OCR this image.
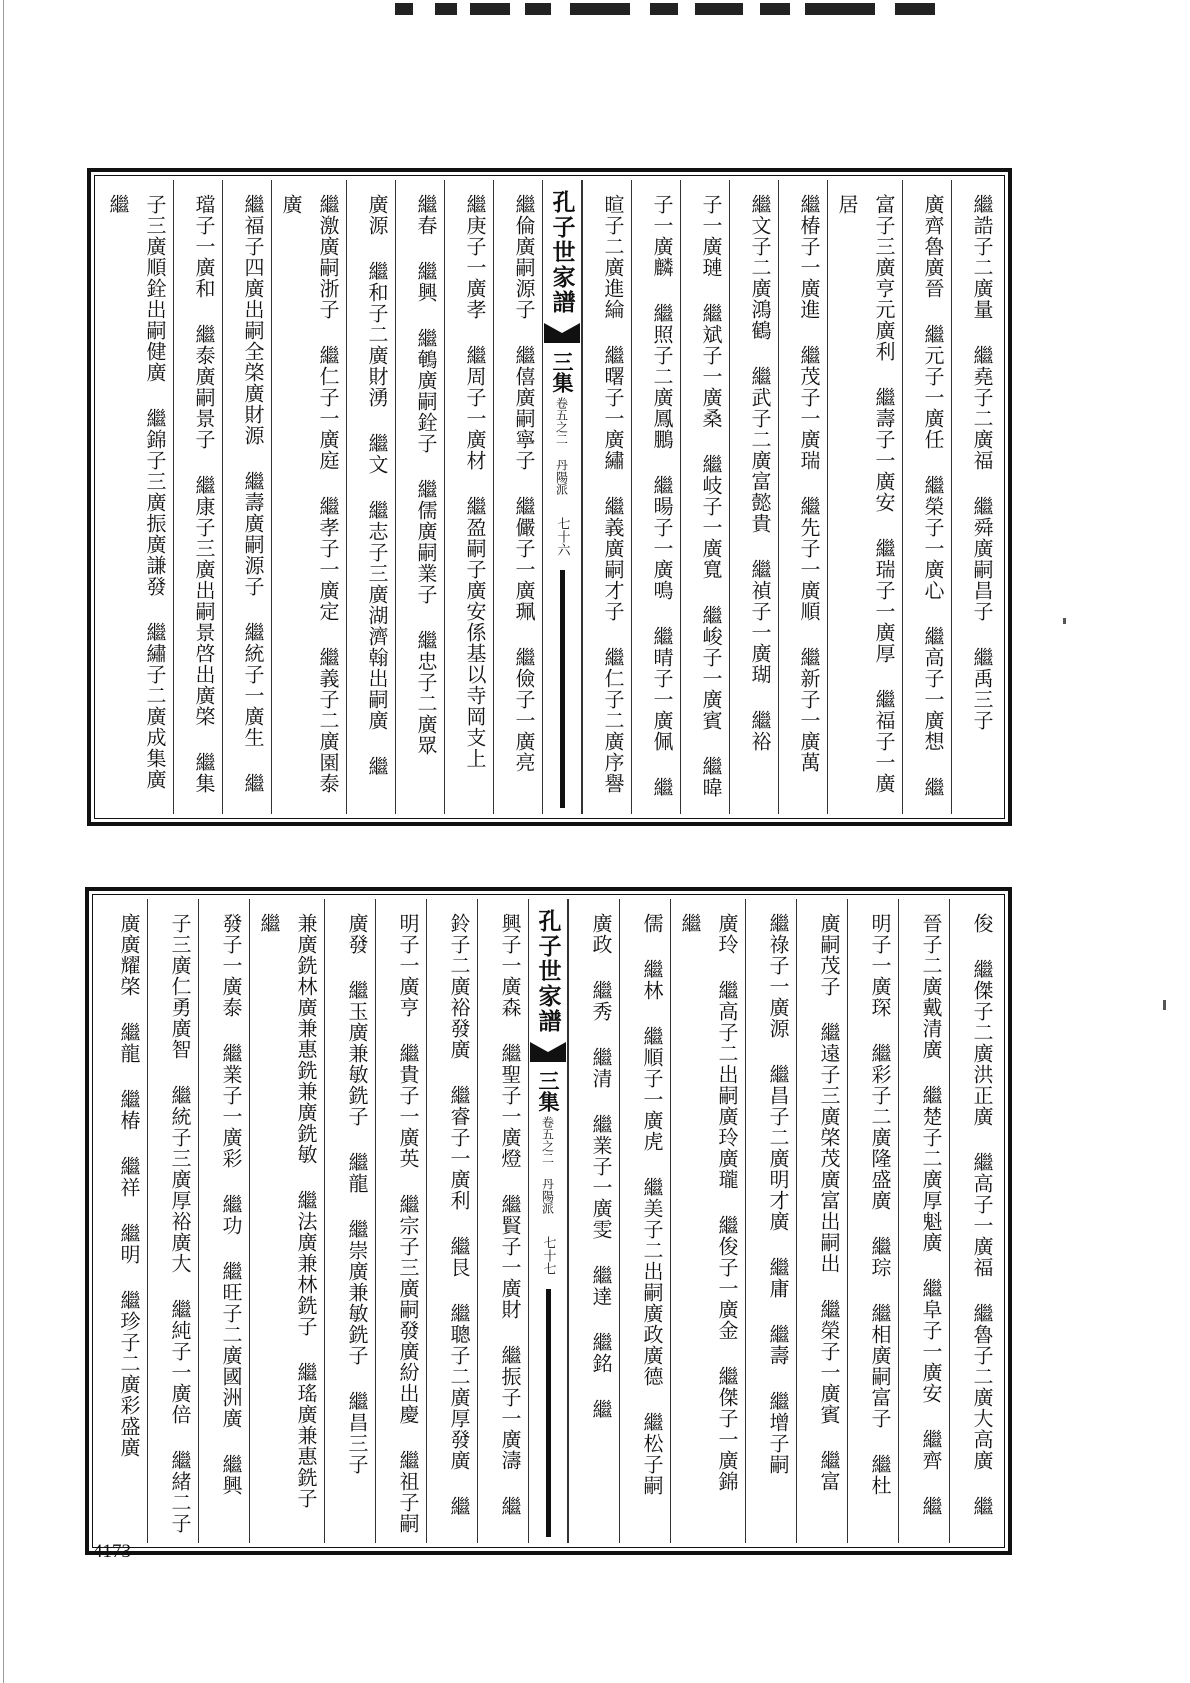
繼誥子二廣量 繼堯子二廣福 繼舜廣嗣昌子 繼禹三子
廣齊魯廣晉 繼元子一廣任 繼榮子一廣心 繼高子一廣想 繼
富子三廣亨元廣利 繼壽子一廣安 繼瑞子一廣厚 繼福子一廣居
繼椿子一廣進 繼茂子一廣瑞 繼先子一廣順 繼新子一廣萬
繼文子二廣鴻鶴 繼武子二廣富懿貴 繼禎子一廣瑚 繼裕
子一廣璉 繼斌子一廣桑 繼岐子一廣寬 繼峻子一廣賓 繼暐
子一廣麟 繼照子二廣鳳鵬 繼暘子一廣鳴 繼晴子一廣佩 繼
暄子二廣進綸 繼曙子一廣繡 繼義廣嗣才子 繼仁子二廣序譽
孔子世家譜
三集
卷五之二 丹陽派
七十六
繼倫廣嗣源子 繼僖廣嗣寧子 繼儼子一廣珮 繼儉子一廣亮
繼庚子一廣孝 繼周子一廣材 繼盈嗣子廣安係基以寺岡支上
繼春 繼興 繼鵪廣嗣銓子 繼儒廣嗣業子 繼忠子二廣眾
廣源 繼和子二廣財湧 繼文 繼志子三廣湖濟翰出嗣廣 繼
繼激廣嗣浙子 繼仁子一廣庭 繼孝子一廣定 繼義子二廣園泰廣
繼福子四廣出嗣全棨廣財源 繼壽廣嗣源子 繼統子一廣生 繼
璫子一廣和 繼泰廣嗣景子 繼康子三廣出嗣景啓出廣棨 繼集
子三廣順銓出嗣健廣 繼錦子三廣振廣謙發 繼繡子二廣成集廣 繼
俊 繼傑子二廣洪正廣 繼高子一廣福 繼魯子二廣大高廣 繼
晉子二廣戴清廣 繼楚子二廣厚魁廣 繼阜子一廣安 繼齊 繼
明子一廣琛 繼彩子二廣隆盛廣 繼琮 繼相廣嗣富子 繼杜
廣嗣茂子 繼遠子三廣棨茂廣富出嗣出 繼榮子一廣賓 繼富
繼祿子一廣源 繼昌子二廣明才廣 繼庸 繼壽 繼增子嗣
廣玲 繼高子二出嗣廣玲廣瓏 繼俊子一廣金 繼傑子一廣錦 繼
儒 繼林 繼順子一廣虎 繼美子二出嗣廣政廣德 繼松子嗣
廣政 繼秀 繼清 繼業子一廣雯 繼達 繼銘 繼
孔子世家譜
三集
卷五之二 丹陽派
七十七
興子一廣森 繼聖子一廣燈 繼賢子一廣財 繼振子一廣濤 繼
鈴子二廣裕發廣 繼睿子一廣利 繼艮 繼聰子二廣厚發廣 繼
明子一廣亨 繼貴子一廣英 繼宗子三廣嗣發廣紛出慶 繼祖子嗣
廣發 繼玉廣兼敏銑子 繼龍 繼崇廣兼敏銑子 繼昌三子
兼廣銑林廣兼惠銑兼廣銑敏 繼法廣兼林銑子 繼瑤廣兼惠銑子 繼
發子一廣泰 繼業子一廣彩 繼功 繼旺子二廣國洲廣 繼興
子三廣仁勇廣智 繼統子三廣厚裕廣大 繼純子一廣倍 繼緒二子
廣廣耀棨 繼龍 繼椿 繼祥 繼明 繼珍子二廣彩盛廣
4173
